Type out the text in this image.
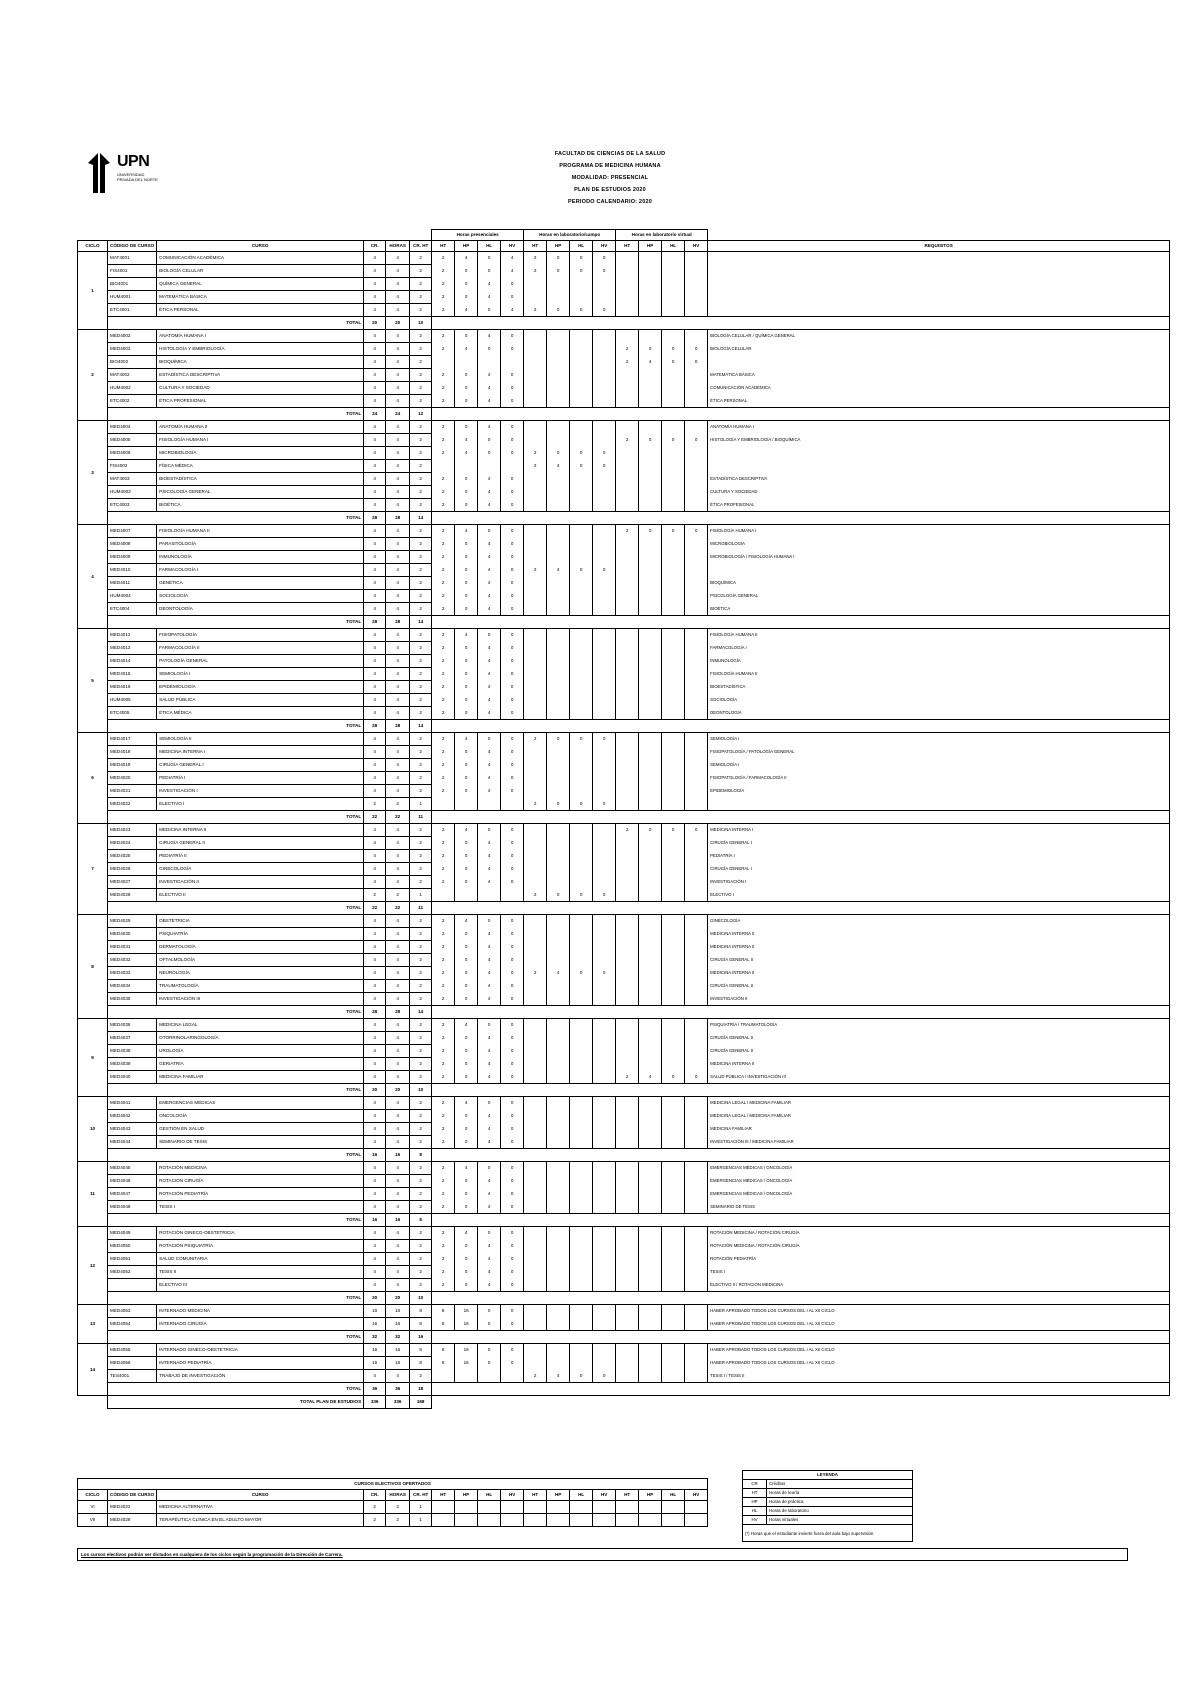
UPN
UNIVERSIDAD PRIVADA DEL NORTE
FACULTAD DE CIENCIAS DE LA SALUD
PROGRAMA DE MEDICINA HUMANA
MODALIDAD: PRESENCIAL
PLAN DE ESTUDIOS 2020
PERIODO CALENDARIO: 2020
						Horas presenciales				Horas en laboratorio/campo				Horas en laboratorio virtual				
CICLO	CÓDIGO DE CURSO	CURSO	CR.	HORAS	CR. HT	HT	HP	HL	HV	HT	HP	HL	HV	HT	HP	HL	HV	REQUISITOS
1	MAT4001	COMUNICACIÓN ACADÉMICA	4	4	2	2	4	0	4	2	0	0	0					
	FIS4001	BIOLOGÍA CELULAR	4	4	2	2	0	0	4	2	0	0	0					
	BIO4001	QUÍMICA GENERAL	4	4	2	2	0	4	0									
	HUM4001	MATEMÁTICA BÁSICA	4	4	2	2	0	4	0									
	ETC4001	ÉTICA PERSONAL	4	4	2	2	4	0	4	2	0	0	0					
	TOTAL		20	20	10													
2	MED4002	ANATOMÍA HUMANA I	4	4	2	2	0	4	0									BIOLOGÍA CELULAR / QUÍMICA GENERAL
	MED4003	HISTOLOGÍA Y EMBRIOLOGÍA	4	4	2	2	4	0	0					2	0	0	0	BIOLOGÍA CELULAR
	BIO4002	BIOQUÍMICA	4	4	2									2	4	0	0	
	MAT4002	ESTADÍSTICA DESCRIPTIVA	4	4	2	2	0	4	0									MATEMÁTICA BÁSICA
	HUM4002	CULTURA Y SOCIEDAD	4	4	2	2	0	4	0									COMUNICACIÓN ACADÉMICA
	ETC4002	ÉTICA PROFESIONAL	4	4	2	2	0	4	0									ÉTICA PERSONAL
	TOTAL		24	24	12													
3	MED4004	ANATOMÍA HUMANA II	4	4	2	2	0	4	0									ANATOMÍA HUMANA I
	MED4005	FISIOLOGÍA HUMANA I	4	4	2	2	4	0	0					2	0	0	0	HISTOLOGÍA Y EMBRIOLOGÍA / BIOQUÍMICA
	MED4006	MICROBIOLOGÍA	4	4	2	2	4	0	0	2	0	0	0					
	FIS4002	FÍSICA MÉDICA	4	4	2					2	4	0	0					
	MAT4003	BIOESTADÍSTICA	4	4	2	2	0	4	0									ESTADÍSTICA DESCRIPTIVA
	HUM4003	PSICOLOGÍA GENERAL	4	4	2	2	0	4	0									CULTURA Y SOCIEDAD
	ETC4003	BIOÉTICA	4	4	2	2	0	4	0									ÉTICA PROFESIONAL
	TOTAL		28	28	14													
4	MED4007	FISIOLOGÍA HUMANA II	4	4	2	2	4	0	0					2	0	0	0	FISIOLOGÍA HUMANA I
	MED4008	PARASITOLOGÍA	4	4	2	2	0	4	0									MICROBIOLOGÍA
	MED4009	INMUNOLOGÍA	4	4	2	2	0	4	0									MICROBIOLOGÍA / FISIOLOGÍA HUMANA I
	MED4010	FARMACOLOGÍA I	4	4	2	2	0	4	0	2	4	0	0					
	MED4011	GENÉTICA	4	4	2	2	0	4	0									BIOQUÍMICA
	HUM4004	SOCIOLOGÍA	4	4	2	2	0	4	0									PSICOLOGÍA GENERAL
	ETC4004	DEONTOLOGÍA	4	4	2	2	0	4	0									BIOÉTICA
	TOTAL		28	28	14													
5	MED4012	FISIOPATOLOGÍA	4	4	2	2	4	0	0									FISIOLOGÍA HUMANA II
	MED4013	FARMACOLOGÍA II	4	4	2	2	0	4	0									FARMACOLOGÍA I
	MED4014	PATOLOGÍA GENERAL	4	4	2	2	0	4	0									INMUNOLOGÍA
	MED4015	SEMIOLOGÍA I	4	4	2	2	0	4	0									FISIOLOGÍA HUMANA II
	MED4016	EPIDEMIOLOGÍA	4	4	2	2	0	4	0									BIOESTADÍSTICA
	HUM4005	SALUD PÚBLICA	4	4	2	2	0	4	0									SOCIOLOGÍA
	ETC4005	ÉTICA MÉDICA	4	4	2	2	0	4	0									DEONTOLOGÍA
	TOTAL		28	28	14													
6	MED4017	SEMIOLOGÍA II	4	4	2	2	4	0	0	2	0	0	0					SEMIOLOGÍA I
	MED4018	MEDICINA INTERNA I	4	4	2	2	0	4	0									FISIOPATOLOGÍA / PATOLOGÍA GENERAL
	MED4019	CIRUGÍA GENERAL I	4	4	2	2	0	4	0									SEMIOLOGÍA I
	MED4020	PEDIATRÍA I	4	4	2	2	0	4	0									FISIOPATOLOGÍA / FARMACOLOGÍA II
	MED4021	INVESTIGACIÓN I	4	4	2	2	0	4	0									EPIDEMIOLOGÍA
	MED4022	ELECTIVO I	2	2	1					2	0	0	0					
	TOTAL		22	22	11													
7	MED4023	MEDICINA INTERNA II	4	4	2	2	4	0	0					2	0	0	0	MEDICINA INTERNA I
	MED4024	CIRUGÍA GENERAL II	4	4	2	2	0	4	0									CIRUGÍA GENERAL I
	MED4025	PEDIATRÍA II	4	4	2	2	0	4	0									PEDIATRÍA I
	MED4026	GINECOLOGÍA	4	4	2	2	0	4	0									CIRUGÍA GENERAL I
	MED4027	INVESTIGACIÓN II	4	4	2	2	0	4	0									INVESTIGACIÓN I
	MED4028	ELECTIVO II	2	2	1					2	0	0	0					ELECTIVO I
	TOTAL		22	22	11													
8	MED4029	OBSTETRICIA	4	4	2	2	4	0	0									GINECOLOGÍA
	MED4030	PSIQUIATRÍA	4	4	2	2	0	4	0									MEDICINA INTERNA II
	MED4031	DERMATOLOGÍA	4	4	2	2	0	4	0									MEDICINA INTERNA II
	MED4032	OFTALMOLOGÍA	4	4	2	2	0	4	0									CIRUGÍA GENERAL II
	MED4033	NEUROLOGÍA	4	4	2	2	0	4	0	2	4	0	0					MEDICINA INTERNA II
	MED4034	TRAUMATOLOGÍA	4	4	2	2	0	4	0									CIRUGÍA GENERAL II
	MED4035	INVESTIGACIÓN III	4	4	2	2	0	4	0									INVESTIGACIÓN II
	TOTAL		28	28	14													
9	MED4036	MEDICINA LEGAL	4	4	2	2	4	0	0									PSIQUIATRÍA / TRAUMATOLOGÍA
	MED4037	OTORRINOLARINGOLOGÍA	4	4	2	2	0	4	0									CIRUGÍA GENERAL II
	MED4038	UROLOGÍA	4	4	2	2	0	4	0									CIRUGÍA GENERAL II
	MED4039	GERIATRÍA	4	4	2	2	0	4	0									MEDICINA INTERNA II
	MED4040	MEDICINA FAMILIAR	4	4	2	2	0	4	0					2	4	0	0	SALUD PÚBLICA / INVESTIGACIÓN III
	TOTAL		20	20	10													
10	MED4041	EMERGENCIAS MÉDICAS	4	4	2	2	4	0	0									MEDICINA LEGAL / MEDICINA FAMILIAR
	MED4042	ONCOLOGÍA	4	4	2	2	0	4	0									MEDICINA LEGAL / MEDICINA FAMILIAR
	MED4043	GESTIÓN EN SALUD	4	4	2	2	0	4	0									MEDICINA FAMILIAR
	MED4044	SEMINARIO DE TESIS	4	4	2	2	0	4	0									INVESTIGACIÓN III / MEDICINA FAMILIAR
	TOTAL		16	16	8													
11	MED4045	ROTACIÓN MEDICINA	4	4	2	2	4	0	0									EMERGENCIAS MÉDICAS / ONCOLOGÍA
	MED4046	ROTACIÓN CIRUGÍA	4	4	2	2	0	4	0									EMERGENCIAS MÉDICAS / ONCOLOGÍA
	MED4047	ROTACIÓN PEDIATRÍA	4	4	2	2	0	4	0									EMERGENCIAS MÉDICAS / ONCOLOGÍA
	MED4048	TESIS I	4	4	2	2	0	4	0									SEMINARIO DE TESIS
	TOTAL		16	16	8													
12	MED4049	ROTACIÓN GINECO-OBSTETRICIA	4	4	2	2	4	0	0									ROTACIÓN MEDICINA / ROTACIÓN CIRUGÍA
	MED4050	ROTACIÓN PSIQUIATRÍA	4	4	2	2	0	4	0									ROTACIÓN MEDICINA / ROTACIÓN CIRUGÍA
	MED4051	SALUD COMUNITARIA	4	4	2	2	0	4	0									ROTACIÓN PEDIATRÍA
	MED4052	TESIS II	4	4	2	2	0	4	0									TESIS I
		ELECTIVO III	4	4	2	2	0	4	0									ELECTIVO II / ROTACIÓN MEDICINA
	TOTAL		20	20	10													
13	MED4053	INTERNADO MEDICINA	16	16	8	8	16	0	0									HABER APROBADO TODOS LOS CURSOS DEL I AL XII CICLO
	MED4054	INTERNADO CIRUGÍA	16	16	8	8	16	0	0									HABER APROBADO TODOS LOS CURSOS DEL I AL XII CICLO
	TOTAL		32	32	16													
14	MED4055	INTERNADO GINECO-OBSTETRICIA	16	16	8	8	16	0	0									HABER APROBADO TODOS LOS CURSOS DEL I AL XII CICLO
	MED4056	INTERNADO PEDIATRÍA	16	16	8	8	16	0	0									HABER APROBADO TODOS LOS CURSOS DEL I AL XII CICLO
	TES4001	TRABAJO DE INVESTIGACIÓN	4	4	2					2	4	0	0					TESIS I / TESIS II
	TOTAL		36	36	18													
	TOTAL PLAN DE ESTUDIOS		336	336	168													
CURSOS ELECTIVOS OFERTADOS																	
CICLO	CÓDIGO DE CURSO	CURSO	CR.	HORAS	CR. HT	HT	HP	HL	HV	HT	HP	HL	HV	HT	HP	HL	HV
VI	MED4022	MEDICINA ALTERNATIVA	2	2	1												
VII	MED4028	TERAPÉUTICA CLÍNICA EN EL ADULTO MAYOR	2	2	1												
LEYENDA	
CR	Créditos
HT	Horas de teoría
HP	Horas de práctica
HL	Horas de laboratorio
HV	Horas virtuales
(*) Horas que el estudiante invierte fuera del aula bajo supervisión	
Los cursos electivos podrán ser dictados en cualquiera de los ciclos según la programación de la Dirección de Carrera.
